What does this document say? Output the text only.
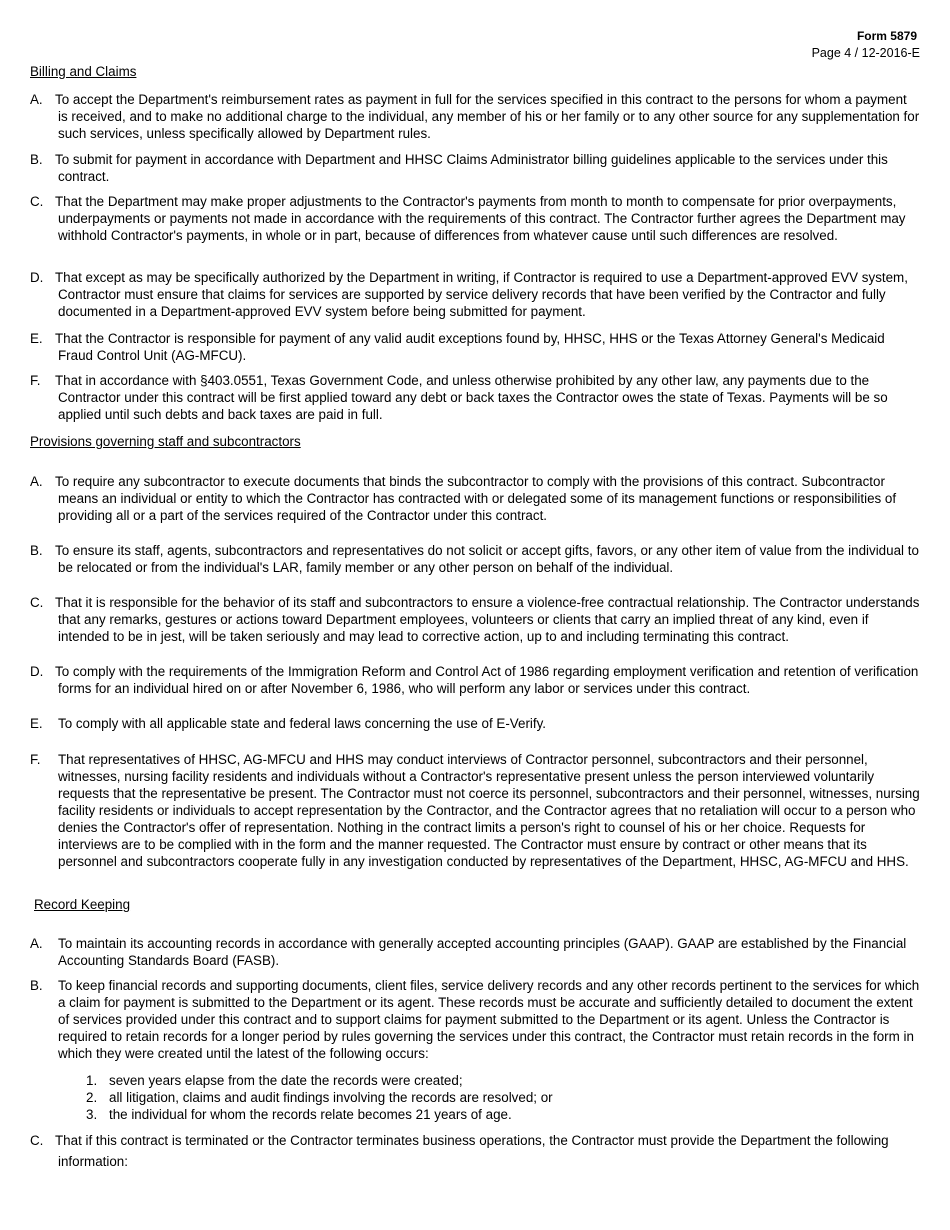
Form 5879
Page 4 / 12-2016-E
Billing and Claims
A. To accept the Department's reimbursement rates as payment in full for the services specified in this contract to the persons for whom a payment is received, and to make no additional charge to the individual, any member of his or her family or to any other source for any supplementation for such services, unless specifically allowed by Department rules.
B. To submit for payment in accordance with Department and HHSC Claims Administrator billing guidelines applicable to the services under this contract.
C. That the Department may make proper adjustments to the Contractor's payments from month to month to compensate for prior overpayments, underpayments or payments not made in accordance with the requirements of this contract. The Contractor further agrees the Department may withhold Contractor's payments, in whole or in part, because of differences from whatever cause until such differences are resolved.
D. That except as may be specifically authorized by the Department in writing, if Contractor is required to use a Department-approved EVV system, Contractor must ensure that claims for services are supported by service delivery records that have been verified by the Contractor and fully documented in a Department-approved EVV system before being submitted for payment.
E. That the Contractor is responsible for payment of any valid audit exceptions found by, HHSC, HHS or the Texas Attorney General's Medicaid Fraud Control Unit (AG-MFCU).
F.	That in accordance with §403.0551, Texas Government Code, and unless otherwise prohibited by any other law, any payments due to the Contractor under this contract will be first applied toward any debt or back taxes the Contractor owes the state of Texas. Payments will be so applied until such debts and back taxes are paid in full.
Provisions governing staff and subcontractors
A. To require any subcontractor to execute documents that binds the subcontractor to comply with the provisions of this contract. Subcontractor means an individual or entity to which the Contractor has contracted with or delegated some of its management functions or responsibilities of providing all or a part of the services required of the Contractor under this contract.
B. To ensure its staff, agents, subcontractors and representatives do not solicit or accept gifts, favors, or any other item of value from the individual to be relocated or from the individual's LAR, family member or any other person on behalf of the individual.
C. That it is responsible for the behavior of its staff and subcontractors to ensure a violence-free contractual relationship. The Contractor understands that any remarks, gestures or actions toward Department employees, volunteers or clients that carry an implied threat of any kind, even if intended to be in jest, will be taken seriously and may lead to corrective action, up to and including terminating this contract.
D. To comply with the requirements of the Immigration Reform and Control Act of 1986 regarding employment verification and retention of verification forms for an individual hired on or after November 6, 1986, who will perform any labor or services under this contract.
E.	To comply with all applicable state and federal laws concerning the use of E-Verify.
F.	That representatives of HHSC, AG-MFCU and HHS may conduct interviews of Contractor personnel, subcontractors and their personnel, witnesses, nursing facility residents and individuals without a Contractor's representative present unless the person interviewed voluntarily requests that the representative be present. The Contractor must not coerce its personnel, subcontractors and their personnel, witnesses, nursing facility residents or individuals to accept representation by the Contractor, and the Contractor agrees that no retaliation will occur to a person who denies the Contractor's offer of representation. Nothing in the contract limits a person's right to counsel of his or her choice. Requests for interviews are to be complied with in the form and the manner requested. The Contractor must ensure by contract or other means that its personnel and subcontractors cooperate fully in any investigation conducted by representatives of the Department, HHSC, AG-MFCU and HHS.
Record Keeping
A.	To maintain its accounting records in accordance with generally accepted accounting principles (GAAP). GAAP are established by the Financial Accounting Standards Board (FASB).
B.	To keep financial records and supporting documents, client files, service delivery records and any other records pertinent to the services for which a claim for payment is submitted to the Department or its agent. These records must be accurate and sufficiently detailed to document the extent of services provided under this contract and to support claims for payment submitted to the Department or its agent. Unless the Contractor is required to retain records for a longer period by rules governing the services under this contract, the Contractor must retain records in the form in which they were created until the latest of the following occurs:
1. seven years elapse from the date the records were created;
2. all litigation, claims and audit findings involving the records are resolved; or
3. the individual for whom the records relate becomes 21 years of age.
C. That if this contract is terminated or the Contractor terminates business operations, the Contractor must provide the Department the following information:
